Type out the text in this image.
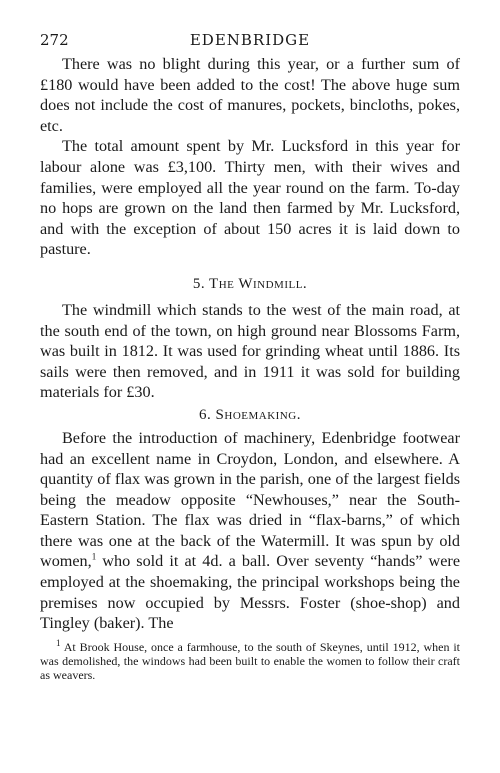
272	EDENBRIDGE

There was no blight during this year, or a further sum of £180 would have been added to the cost! The above huge sum does not include the cost of manures, pockets, bincloths, pokes, etc.

The total amount spent by Mr. Lucksford in this year for labour alone was £3,100. Thirty men, with their wives and families, were employed all the year round on the farm. To-day no hops are grown on the land then farmed by Mr. Lucksford, and with the exception of about 150 acres it is laid down to pasture.

5. The Windmill.

The windmill which stands to the west of the main road, at the south end of the town, on high ground near Blossoms Farm, was built in 1812. It was used for grinding wheat until 1886. Its sails were then removed, and in 1911 it was sold for building materials for £30.

6. Shoemaking.

Before the introduction of machinery, Edenbridge footwear had an excellent name in Croydon, London, and elsewhere. A quantity of flax was grown in the parish, one of the largest fields being the meadow opposite “Newhouses,” near the South-Eastern Station. The flax was dried in “flax-barns,” of which there was one at the back of the Watermill. It was spun by old women,$^1$ who sold it at 4d. a ball. Over seventy “hands” were employed at the shoemaking, the principal workshops being the premises now occupied by Messrs. Foster (shoe-shop) and Tingley (baker). The

$^1$ At Brook House, once a farmhouse, to the south of Skeynes, until 1912, when it was demolished, the windows had been built to enable the women to follow their craft as weavers.
